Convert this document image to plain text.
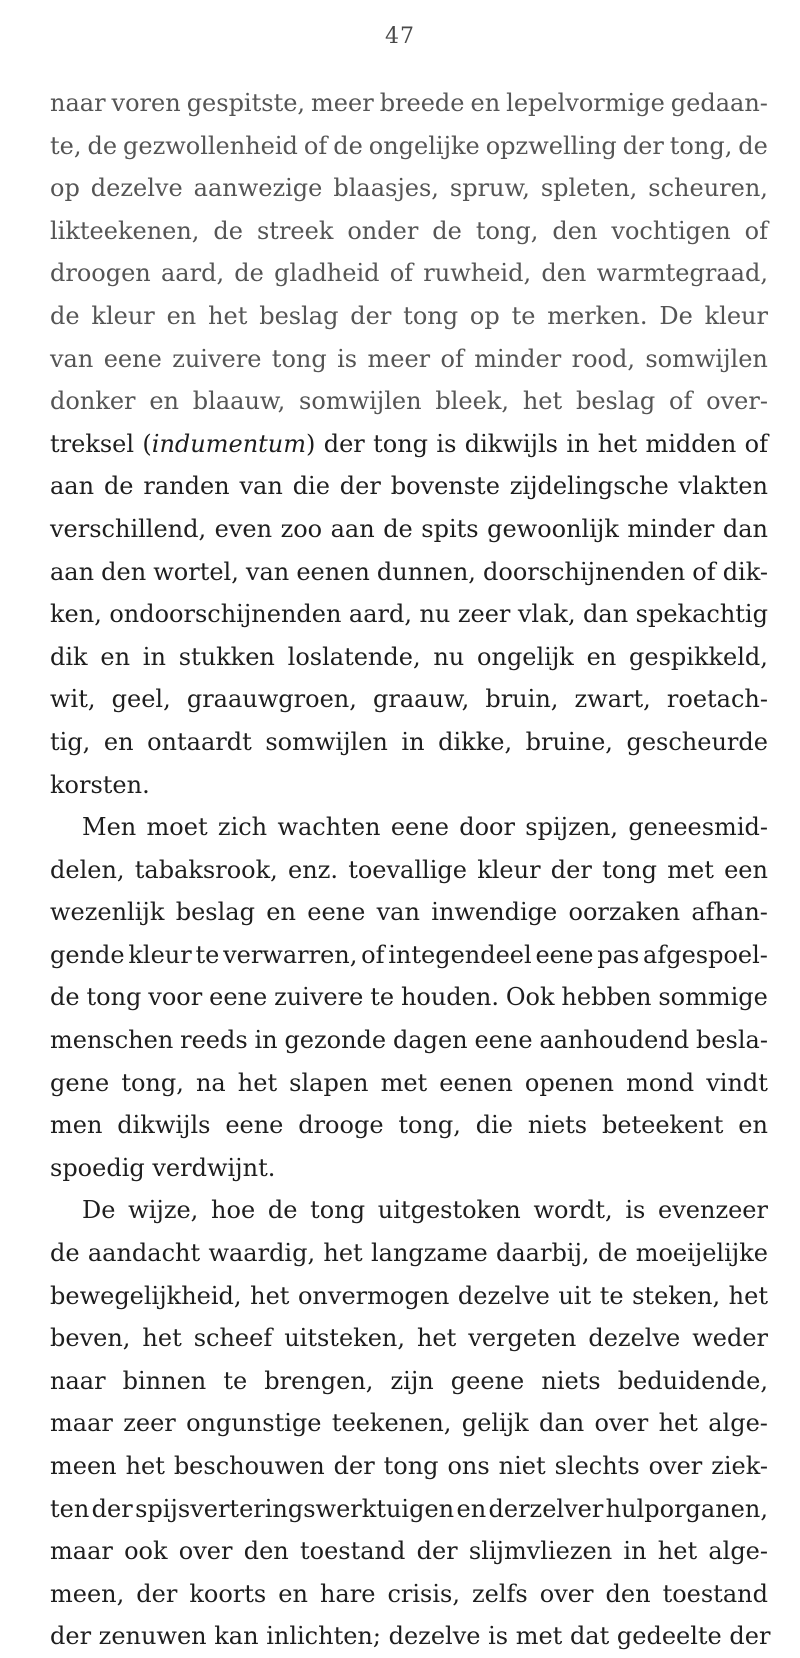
47
naar voren gespitste, meer breede en lepelvormige gedaan-
te, de gezwollenheid of de ongelijke opzwelling der tong, de
op dezelve aanwezige blaasjes, spruw, spleten, scheuren,
likteekenen, de streek onder de tong, den vochtigen of
droogen aard, de gladheid of ruwheid, den warmtegraad,
de kleur en het beslag der tong op te merken. De kleur
van eene zuivere tong is meer of minder rood, somwijlen
donker en blaauw, somwijlen bleek, het beslag of over-
treksel (indumentum) der tong is dikwijls in het midden of
aan de randen van die der bovenste zijdelingsche vlakten
verschillend, even zoo aan de spits gewoonlijk minder dan
aan den wortel, van eenen dunnen, doorschijnenden of dik-
ken, ondoorschijnenden aard, nu zeer vlak, dan spekachtig
dik en in stukken loslatende, nu ongelijk en gespikkeld,
wit, geel, graauwgroen, graauw, bruin, zwart, roetach-
tig, en ontaardt somwijlen in dikke, bruine, gescheurde
korsten.
Men moet zich wachten eene door spijzen, geneesmid-
delen, tabaksrook, enz. toevallige kleur der tong met een
wezenlijk beslag en eene van inwendige oorzaken afhan-
gende kleur te verwarren, of integendeel eene pas afgespoel-
de tong voor eene zuivere te houden. Ook hebben sommige
menschen reeds in gezonde dagen eene aanhoudend besla-
gene tong, na het slapen met eenen openen mond vindt
men dikwijls eene drooge tong, die niets beteekent en
spoedig verdwijnt.
De wijze, hoe de tong uitgestoken wordt, is evenzeer
de aandacht waardig, het langzame daarbij, de moeijelijke
bewegelijkheid, het onvermogen dezelve uit te steken, het
beven, het scheef uitsteken, het vergeten dezelve weder
naar binnen te brengen, zijn geene niets beduidende,
maar zeer ongunstige teekenen, gelijk dan over het alge-
meen het beschouwen der tong ons niet slechts over ziek-
ten der spijsverteringswerktuigen en derzelver hulporganen,
maar ook over den toestand der slijmvliezen in het alge-
meen, der koorts en hare crisis, zelfs over den toestand
der zenuwen kan inlichten; dezelve is met dat gedeelte der
